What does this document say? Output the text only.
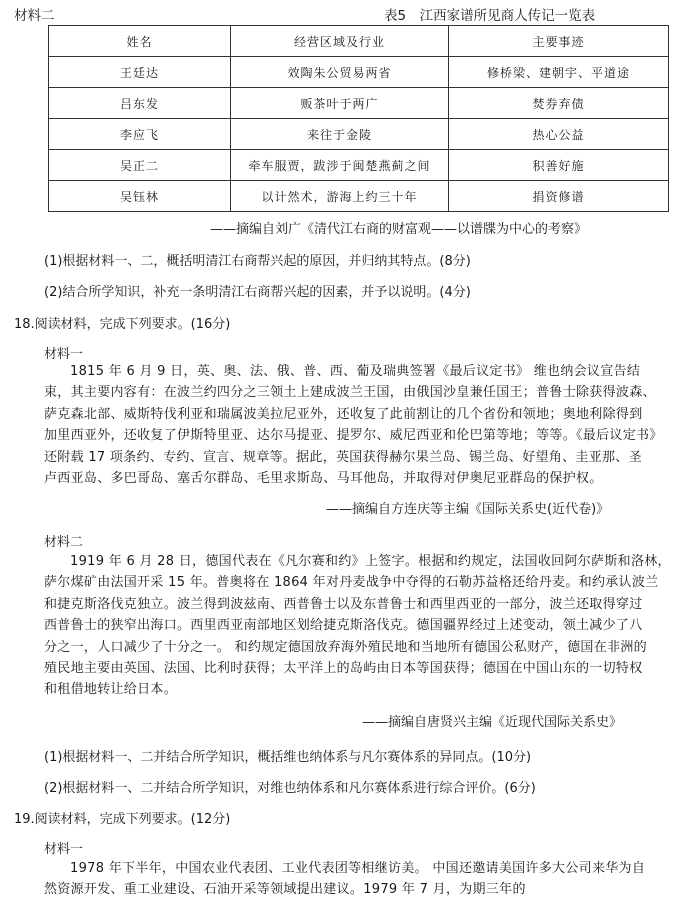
材料二	表5　江西家谱所见商人传记一览表
姓名	经营区域及行业	主要事迹
王廷达	效陶朱公贸易两省	修桥梁、建朝宇、平道途
吕东发	贩茶叶于两广	焚券弃债
李应飞	来往于金陵	热心公益
吴正二	牵车服贾，跋涉于闽楚燕蓟之间	积善好施
吴钰林	以计然术，游海上约三十年	捐资修谱
——摘编自刘广《清代江右商的财富观——以谱牒为中心的考察》
(1)根据材料一、二，概括明清江右商帮兴起的原因，并归纳其特点。(8分)
(2)结合所学知识，补充一条明清江右商帮兴起的因素，并予以说明。(4分)
18.阅读材料，完成下列要求。(16分)
材料一
1815 年 6 月 9 日，英、奥、法、俄、普、西、葡及瑞典签署《最后议定书》 维也纳会议宣告结
束，其主要内容有：在波兰约四分之三领土上建成波兰王国，由俄国沙皇兼任国王；普鲁士除获得波森、
萨克森北部、威斯特伐利亚和瑞属波美拉尼亚外，还收复了此前割让的几个省份和领地；奥地利除得到
加里西亚外，还收复了伊斯特里亚、达尔马提亚、提罗尔、威尼西亚和伦巴第等地；等等。《最后议定书》
还附载 17 项条约、专约、宣言、规章等。据此，英国获得赫尔果兰岛、锡兰岛、好望角、圭亚那、圣
卢西亚岛、多巴哥岛、塞舌尔群岛、毛里求斯岛、马耳他岛，并取得对伊奥尼亚群岛的保护权。
——摘编自方连庆等主编《国际关系史(近代卷)》
材料二
1919 年 6 月 28 日，德国代表在《凡尔赛和约》上签字。根据和约规定，法国收回阿尔萨斯和洛林，
萨尔煤矿由法国开采 15 年。普奥将在 1864 年对丹麦战争中夺得的石勒苏益格还给丹麦。和约承认波兰
和捷克斯洛伐克独立。波兰得到波兹南、西普鲁士以及东普鲁士和西里西亚的一部分，波兰还取得穿过
西普鲁士的狭窄出海口。西里西亚南部地区划给捷克斯洛伐克。德国疆界经过上述变动，领土减少了八
分之一，人口减少了十分之一。 和约规定德国放弃海外殖民地和当地所有德国公私财产，德国在非洲的
殖民地主要由英国、法国、比利时获得；太平洋上的岛屿由日本等国获得；德国在中国山东的一切特权
和租借地转让给日本。
——摘编自唐贤兴主编《近现代国际关系史》
(1)根据材料一、二并结合所学知识，概括维也纳体系与凡尔赛体系的异同点。(10分)
(2)根据材料一、二并结合所学知识，对维也纳体系和凡尔赛体系进行综合评价。(6分)
19.阅读材料，完成下列要求。(12分)
材料一
1978 年下半年，中国农业代表团、工业代表团等相继访美。 中国还邀请美国许多大公司来华为自
然资源开发、重工业建设、石油开采等领域提出建议。1979 年 7 月，为期三年的
